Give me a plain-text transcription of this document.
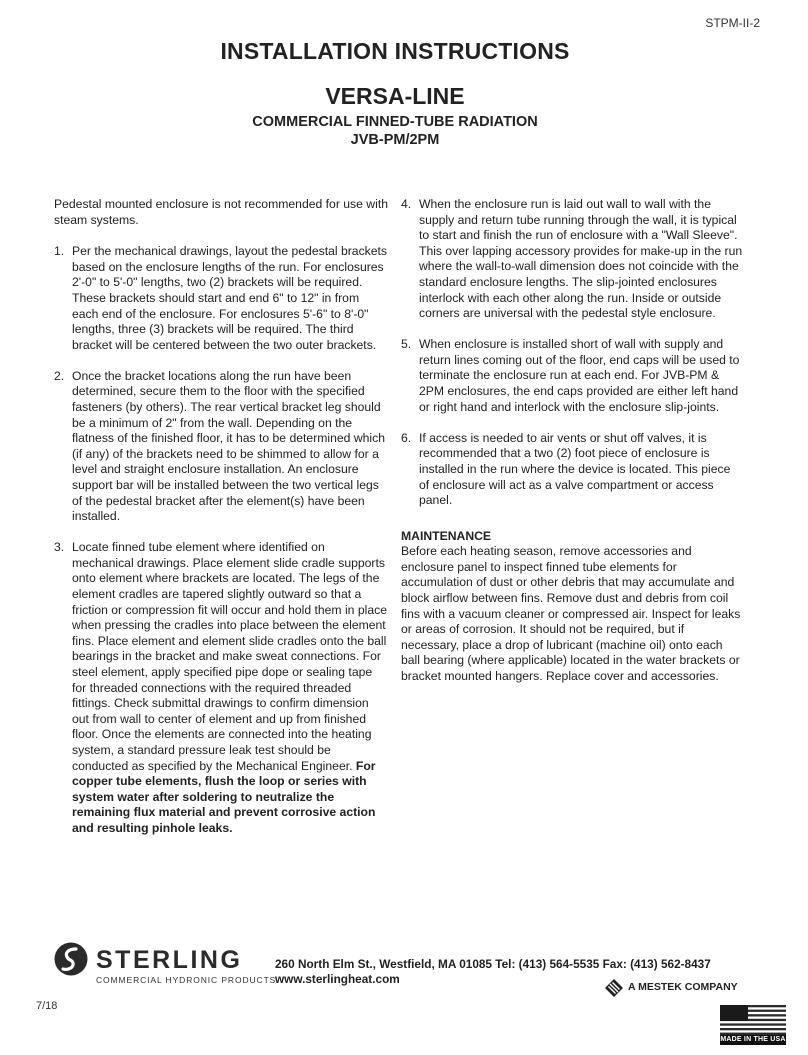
STPM-II-2
INSTALLATION INSTRUCTIONS
VERSA-LINE
COMMERCIAL FINNED-TUBE RADIATION
JVB-PM/2PM

Pedestal mounted enclosure is not recommended for use with steam systems.

1. Per the mechanical drawings, layout the pedestal brackets based on the enclosure lengths of the run. For enclosures 2'-0" to 5'-0" lengths, two (2) brackets will be required. These brackets should start and end 6" to 12" in from each end of the enclosure. For enclosures 5'-6" to 8'-0" lengths, three (3) brackets will be required. The third bracket will be centered between the two outer brackets.
2. Once the bracket locations along the run have been determined, secure them to the floor with the specified fasteners (by others). The rear vertical bracket leg should be a minimum of 2" from the wall. Depending on the flatness of the finished floor, it has to be determined which (if any) of the brackets need to be shimmed to allow for a level and straight enclosure installation. An enclosure support bar will be installed between the two vertical legs of the pedestal bracket after the element(s) have been installed.
3. Locate finned tube element where identified on mechanical drawings. Place element slide cradle supports onto element where brackets are located. The legs of the element cradles are tapered slightly outward so that a friction or compression fit will occur and hold them in place when pressing the cradles into place between the element fins. Place element and element slide cradles onto the ball bearings in the bracket and make sweat connections. For steel element, apply specified pipe dope or sealing tape for threaded connections with the required threaded fittings. Check submittal drawings to confirm dimension out from wall to center of element and up from finished floor. Once the elements are connected into the heating system, a standard pressure leak test should be conducted as specified by the Mechanical Engineer. For copper tube elements, flush the loop or series with system water after soldering to neutralize the remaining flux material and prevent corrosive action and resulting pinhole leaks.
4. When the enclosure run is laid out wall to wall with the supply and return tube running through the wall, it is typical to start and finish the run of enclosure with a "Wall Sleeve". This over lapping accessory provides for make-up in the run where the wall-to-wall dimension does not coincide with the standard enclosure lengths. The slip-jointed enclosures interlock with each other along the run. Inside or outside corners are universal with the pedestal style enclosure.
5. When enclosure is installed short of wall with supply and return lines coming out of the floor, end caps will be used to terminate the enclosure run at each end. For JVB-PM & 2PM enclosures, the end caps provided are either left hand or right hand and interlock with the enclosure slip-joints.
6. If access is needed to air vents or shut off valves, it is recommended that a two (2) foot piece of enclosure is installed in the run where the device is located. This piece of enclosure will act as a valve compartment or access panel.

MAINTENANCE

Before each heating season, remove accessories and enclosure panel to inspect finned tube elements for accumulation of dust or other debris that may accumulate and block airflow between fins. Remove dust and debris from coil fins with a vacuum cleaner or compressed air. Inspect for leaks or areas of corrosion. It should not be required, but if necessary, place a drop of lubricant (machine oil) onto each ball bearing (where applicable) located in the water brackets or bracket mounted hangers. Replace cover and accessories.

STERLING
COMMERCIAL HYDRONIC PRODUCTS
260 North Elm St., Westfield, MA 01085 Tel: (413) 564-5535 Fax: (413) 562-8437
www.sterlingheat.com
A MESTEK COMPANY
7/18
MADE IN THE USA
